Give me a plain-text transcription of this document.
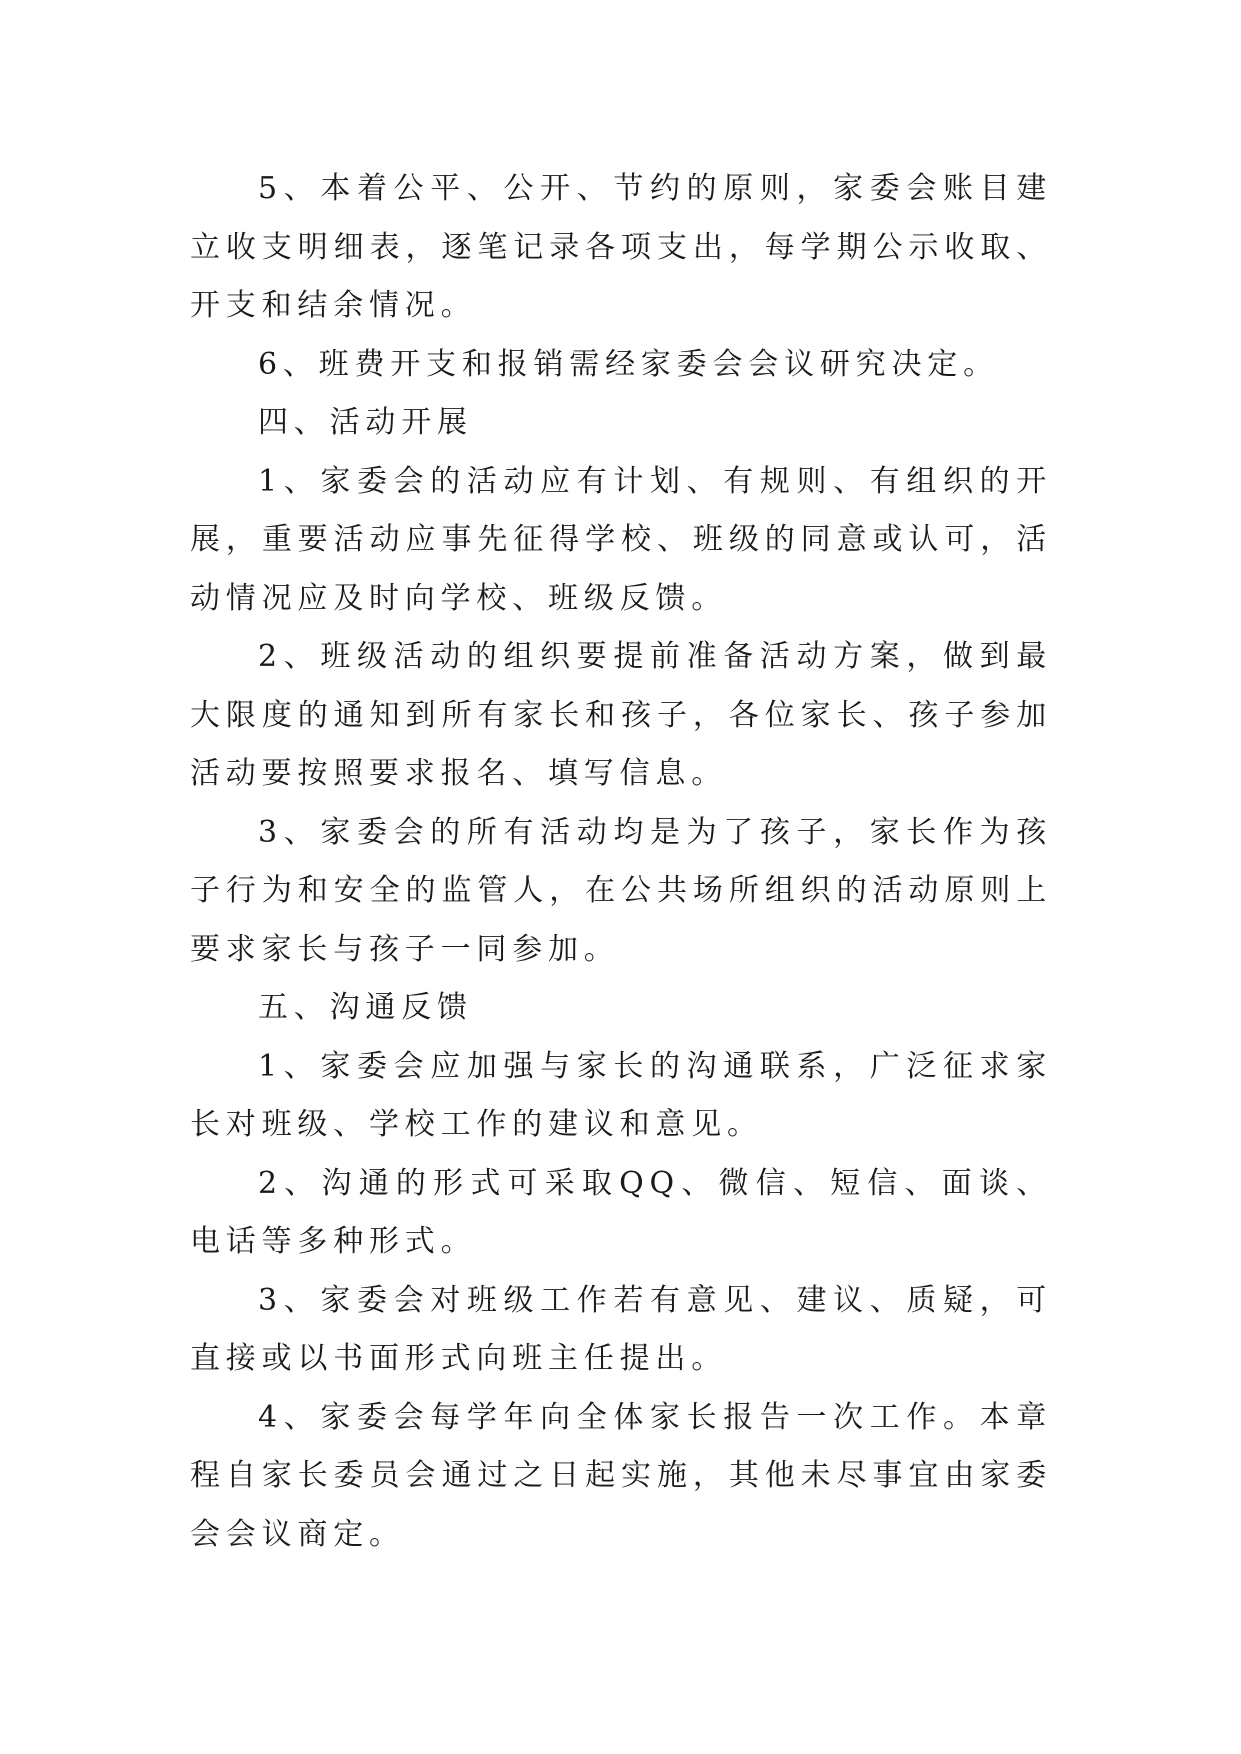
5、本着公平、公开、节约的原则，家委会账目建立收支明细表，逐笔记录各项支出，每学期公示收取、开支和结余情况。

6、班费开支和报销需经家委会会议研究决定。

四、活动开展

1、家委会的活动应有计划、有规则、有组织的开展，重要活动应事先征得学校、班级的同意或认可，活动情况应及时向学校、班级反馈。

2、班级活动的组织要提前准备活动方案，做到最大限度的通知到所有家长和孩子，各位家长、孩子参加活动要按照要求报名、填写信息。

3、家委会的所有活动均是为了孩子，家长作为孩子行为和安全的监管人，在公共场所组织的活动原则上要求家长与孩子一同参加。

五、沟通反馈

1、家委会应加强与家长的沟通联系，广泛征求家长对班级、学校工作的建议和意见。

2、沟通的形式可采取QQ、微信、短信、面谈、电话等多种形式。

3、家委会对班级工作若有意见、建议、质疑，可直接或以书面形式向班主任提出。

4、家委会每学年向全体家长报告一次工作。本章程自家长委员会通过之日起实施，其他未尽事宜由家委会会议商定。
